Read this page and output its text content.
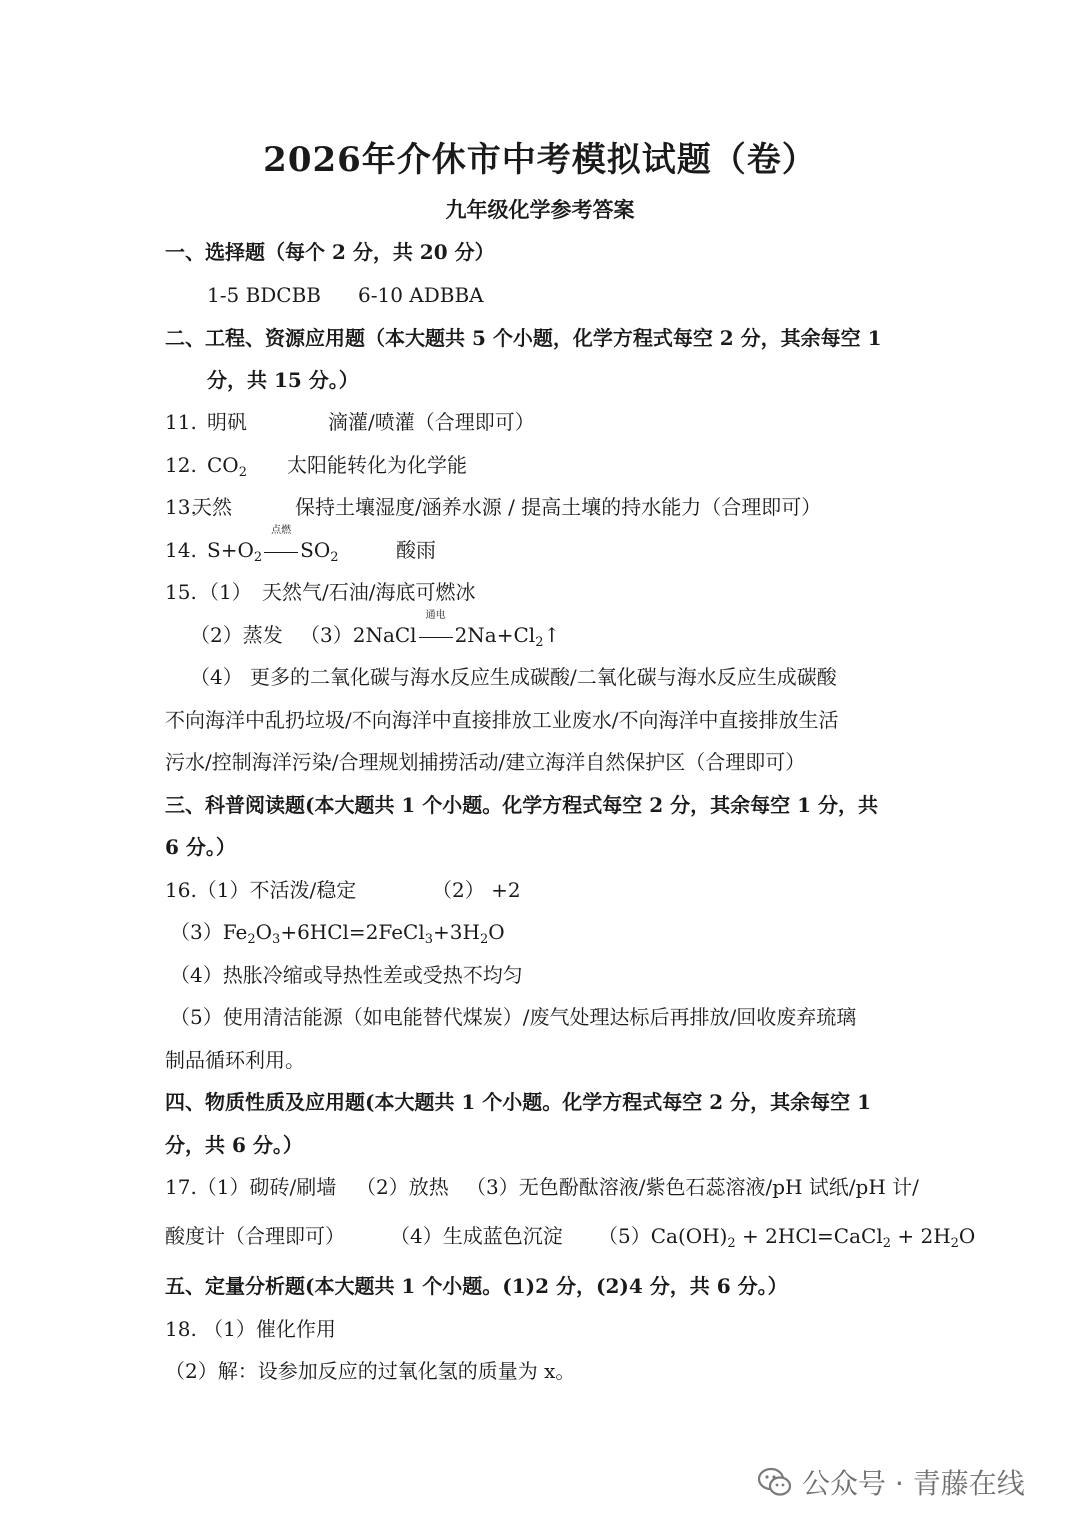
2026年介休市中考模拟试题（卷）
九年级化学参考答案
一、选择题（每个 2 分，共 20 分）
1-5 BDCBB 6-10 ADBBA
二、工程、资源应用题（本大题共 5 个小题，化学方程式每空 2 分，其余每空 1
分，共 15 分。）
11. 明矾	滴灌/喷灌（合理即可）
12. $CO_2$ 太阳能转化为化学能
13.
天然	保持土壤湿度/涵养水源 / 提高土壤的持水能力（合理即可）
14. $S+O_2$
点燃
$SO_2$	酸雨
15. （1） 天然气/石油/海底可燃冰
（2）蒸发 （3）2NaCl
通电
$2Na+Cl_2↑$
（4） 更多的二氧化碳与海水反应生成碳酸/二氧化碳与海水反应生成碳酸
不向海洋中乱扔垃圾/不向海洋中直接排放工业废水/不向海洋中直接排放生活
污水/控制海洋污染/合理规划捕捞活动/建立海洋自然保护区（合理即可）
三、科普阅读题(本大题共 1 个小题。化学方程式每空 2 分，其余每空 1 分，共
6 分。）
16.（1）不活泼/稳定	（2） +2
$(3)Fe_2O_3+6HCl=2FeCl_3+3H_2O$
（4）热胀冷缩或导热性差或受热不均匀
（5）使用清洁能源（如电能替代煤炭）/废气处理达标后再排放/回收废弃琉璃
制品循环利用。
四、物质性质及应用题(本大题共 1 个小题。化学方程式每空 2 分，其余每空 1
分，共 6 分。）
17.（1）砌砖/刷墙 （2）放热 （3）无色酚酞溶液/紫色石蕊溶液/pH 试纸/pH 计/
酸度计（合理即可） （4）生成蓝色沉淀 $(5)Ca(OH)_2$ + 2HCl=CaCl$_2$ + $2H_2O$
五、定量分析题(本大题共 1 个小题。(1)2 分，(2)4 分，共 6 分。）
18. （1）催化作用
（2）解：设参加反应的过氧化氢的质量为 x。
公众号 · 青藤在线
